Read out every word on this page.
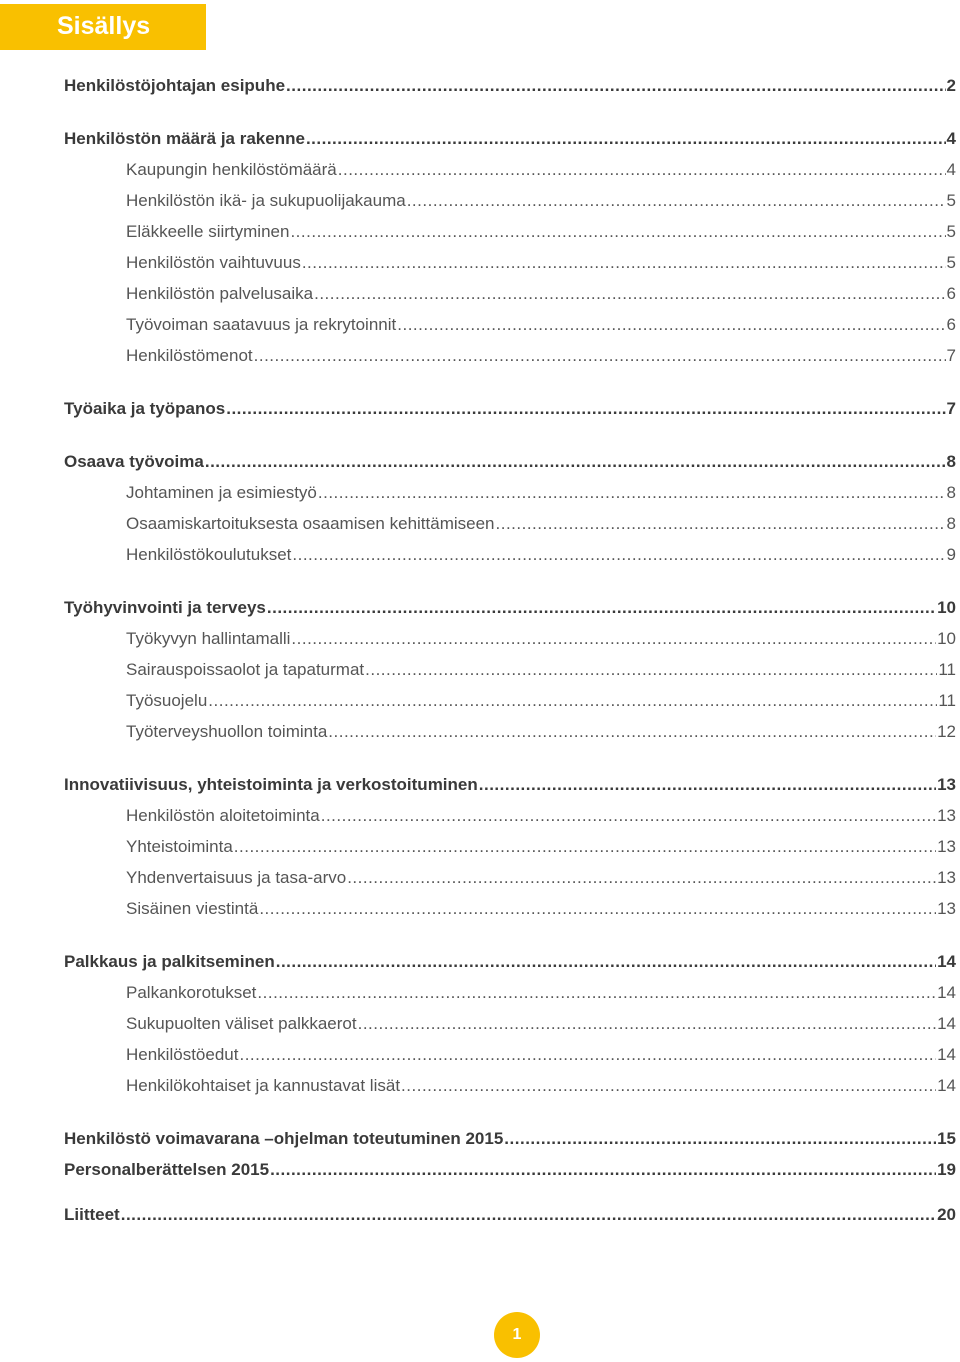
Sisällys
Henkilöstöjohtajan esipuhe .....	2
Henkilöstön määrä ja rakenne .....	4
Kaupungin henkilöstömäärä .....	4
Henkilöstön ikä- ja sukupuolijakauma .....	5
Eläkkeelle siirtyminen .....	5
Henkilöstön vaihtuvuus .....	5
Henkilöstön palvelusaika .....	6
Työvoiman saatavuus ja rekrytoinnit .....	6
Henkilöstömenot .....	7
Työaika ja työpanos .....	7
Osaava työvoima .....	8
Johtaminen ja esimiestyö .....	8
Osaamiskartoituksesta osaamisen kehittämiseen .....	8
Henkilöstökoulutukset .....	9
Työhyvinvointi ja terveys .....	10
Työkyvyn hallintamalli .....	10
Sairauspoissaolot ja tapaturmat .....	11
Työsuojelu .....	11
Työterveyshuollon toiminta .....	12
Innovatiivisuus, yhteistoiminta ja verkostoituminen .....	13
Henkilöstön aloitetoiminta .....	13
Yhteistoiminta .....	13
Yhdenvertaisuus ja tasa-arvo .....	13
Sisäinen viestintä .....	13
Palkkaus ja palkitseminen .....	14
Palkankorotukset .....	14
Sukupuolten väliset palkkaerot .....	14
Henkilöstöedut .....	14
Henkilökohtaiset ja kannustavat lisät .....	14
Henkilöstö voimavarana –ohjelman toteutuminen 2015 .....	15
Personalberättelsen 2015 .....	19
Liitteet .....	20
1
